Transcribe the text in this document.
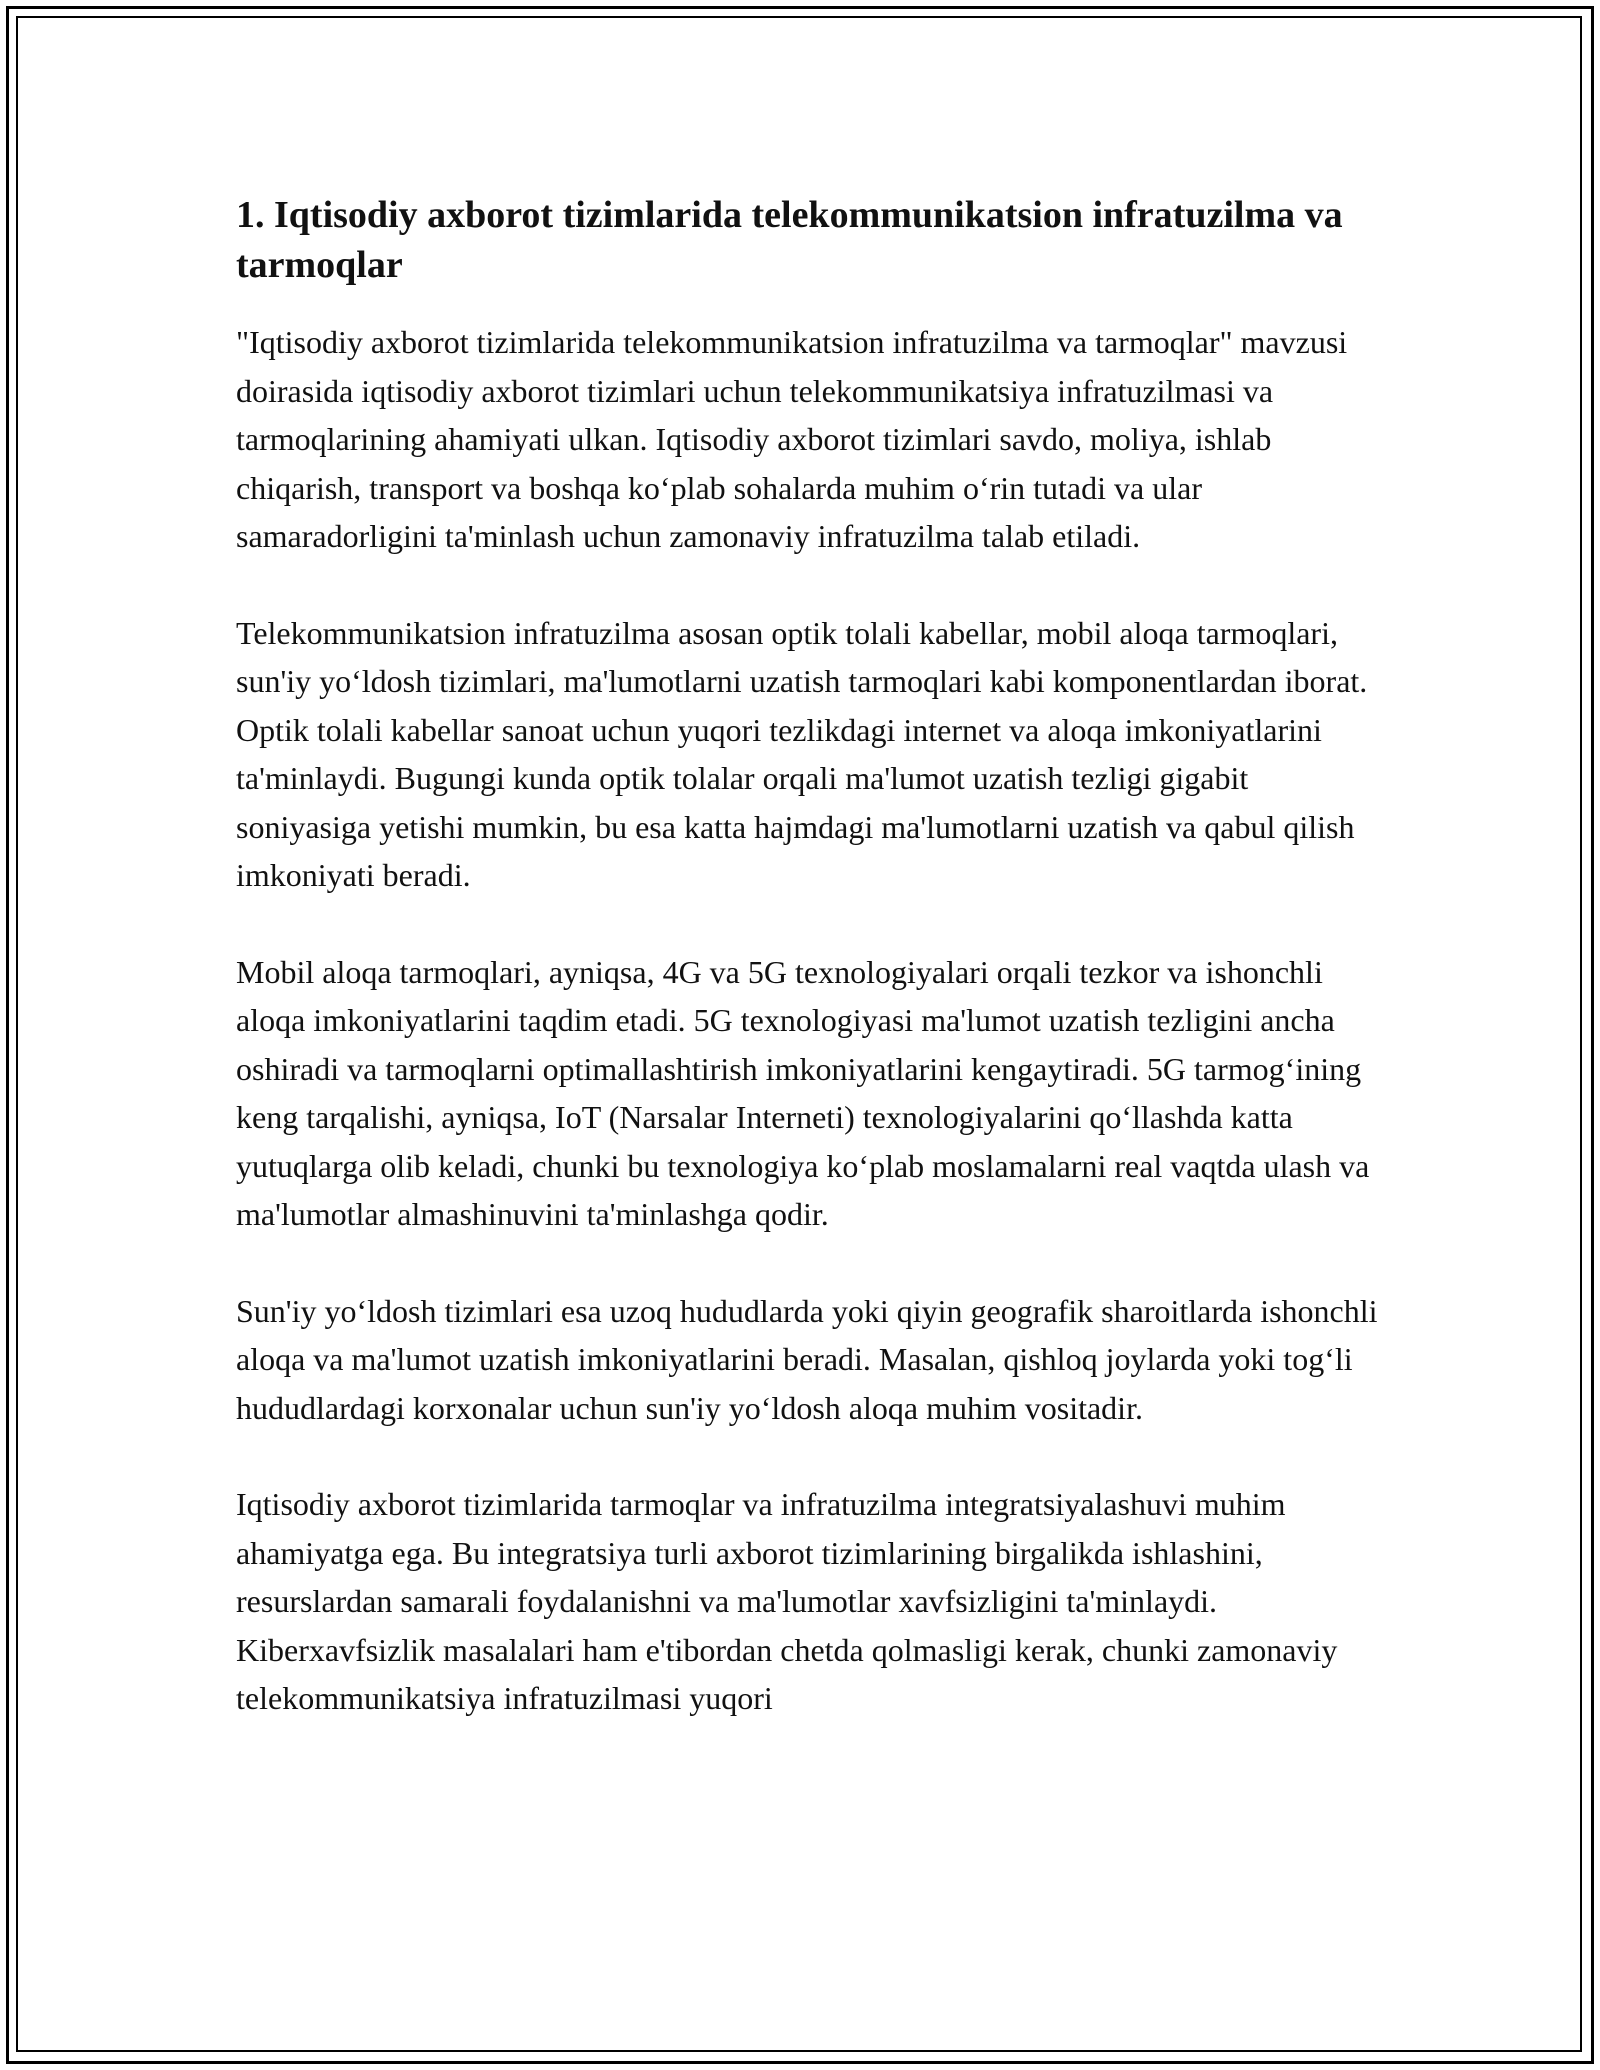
1. Iqtisodiy axborot tizimlarida telekommunikatsion infratuzilma va tarmoqlar

"Iqtisodiy axborot tizimlarida telekommunikatsion infratuzilma va tarmoqlar" mavzusi doirasida iqtisodiy axborot tizimlari uchun telekommunikatsiya infratuzilmasi va tarmoqlarining ahamiyati ulkan. Iqtisodiy axborot tizimlari savdo, moliya, ishlab chiqarish, transport va boshqa ko‘plab sohalarda muhim o‘rin tutadi va ular samaradorligini ta'minlash uchun zamonaviy infratuzilma talab etiladi.

Telekommunikatsion infratuzilma asosan optik tolali kabellar, mobil aloqa tarmoqlari, sun'iy yo‘ldosh tizimlari, ma'lumotlarni uzatish tarmoqlari kabi komponentlardan iborat. Optik tolali kabellar sanoat uchun yuqori tezlikdagi internet va aloqa imkoniyatlarini ta'minlaydi. Bugungi kunda optik tolalar orqali ma'lumot uzatish tezligi gigabit soniyasiga yetishi mumkin, bu esa katta hajmdagi ma'lumotlarni uzatish va qabul qilish imkoniyati beradi.

Mobil aloqa tarmoqlari, ayniqsa, 4G va 5G texnologiyalari orqali tezkor va ishonchli aloqa imkoniyatlarini taqdim etadi. 5G texnologiyasi ma'lumot uzatish tezligini ancha oshiradi va tarmoqlarni optimallashtirish imkoniyatlarini kengaytiradi. 5G tarmog‘ining keng tarqalishi, ayniqsa, IoT (Narsalar Interneti) texnologiyalarini qo‘llashda katta yutuqlarga olib keladi, chunki bu texnologiya ko‘plab moslamalarni real vaqtda ulash va ma'lumotlar almashinuvini ta'minlashga qodir.

Sun'iy yo‘ldosh tizimlari esa uzoq hududlarda yoki qiyin geografik sharoitlarda ishonchli aloqa va ma'lumot uzatish imkoniyatlarini beradi. Masalan, qishloq joylarda yoki tog‘li hududlardagi korxonalar uchun sun'iy yo‘ldosh aloqa muhim vositadir.

Iqtisodiy axborot tizimlarida tarmoqlar va infratuzilma integratsiyalashuvi muhim ahamiyatga ega. Bu integratsiya turli axborot tizimlarining birgalikda ishlashini, resurslardan samarali foydalanishni va ma'lumotlar xavfsizligini ta'minlaydi. Kiberxavfsizlik masalalari ham e'tibordan chetda qolmasligi kerak, chunki zamonaviy telekommunikatsiya infratuzilmasi yuqori
